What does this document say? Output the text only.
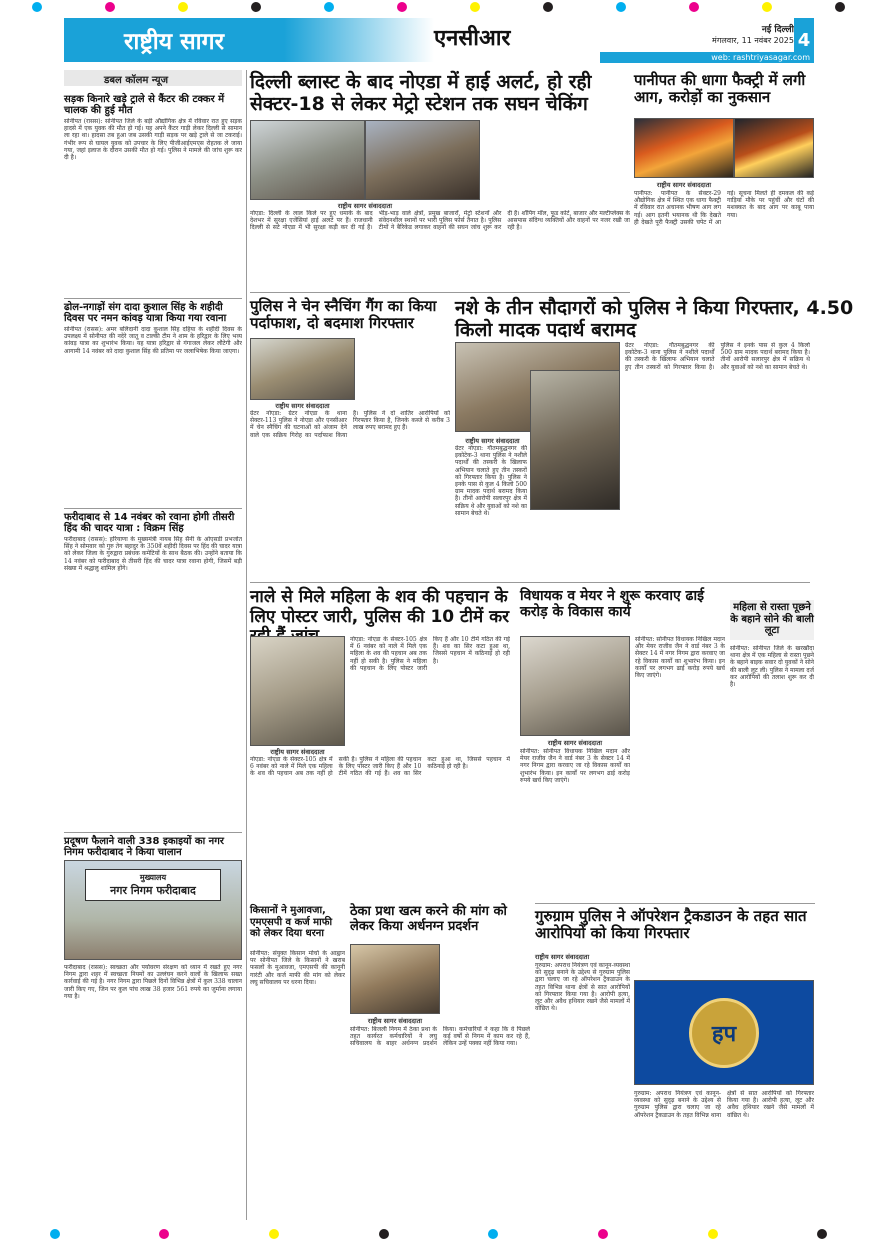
राष्ट्रीय सागर	एनसीआर	नई दिल्ली
मंगलवार, 11 नवंबर 2025 4
web: rashtriyasagar.com
डबल कॉलम न्यूज
सड़क किनारे खड़े ट्राले से कैंटर की टक्कर में चालक की हुई मौत
सोनीपत (रासस): सोनीपत जिले के बड़ी औद्योगिक क्षेत्र में रविवार रात हुए सड़क हादसे में एक युवक की मौत हो गई। यह अपने कैंटर गाड़ी लेकर दिल्ली से सामान ला रहा था। हादसा तब हुआ जब उसकी गाड़ी सड़क पर खड़े ट्राले से जा टकराई। गंभीर रूप से घायल युवक को उपचार के लिए पीजीआईएमएस रोहतक ले जाया गया, जहां इलाज के दौरान उसकी मौत हो गई। पुलिस ने मामले की जांच शुरू कर दी है।
ढोल-नगाड़ों संग दादा कुशाल सिंह के शहीदी दिवस पर नमन कांवड़ यात्रा किया गया रवाना
सोनीपत (रासस): अमर बलिदानी दादा कुशाल सिंह दहिया के शहीदी दिवस के उपलक्ष्य में सोनीपत की नदेरे जातू व टाल्की टीम ने शाम के हरिद्वार के लिए भव्य कांवड़ यात्रा का शुभारंभ किया। यह यात्रा हरिद्वार से गंगाजल लेकर लौटेगी और आगामी 14 नवंबर को दादा कुशाल सिंह की प्रतिमा पर जलाभिषेक किया जाएगा।
फरीदाबाद से 14 नवंबर को रवाना होगी तीसरी हिंद की चादर यात्रा : विक्रम सिंह
फरीदाबाद (रासस): हरियाणा के मुख्यमंत्री नायब सिंह सैनी के ओएसडी प्रभजोत सिंह ने सोमवार को गुरु तेग बहादुर के 350वें शहीदी दिवस पर हिंद की चादर यात्रा को लेकर जिला के गुरुद्वारा प्रबंधक कमेटियों के साथ बैठक की। उन्होंने बताया कि 14 नवंबर को फरीदाबाद से तीसरी हिंद की चादर यात्रा रवाना होगी, जिसमें बड़ी संख्या में श्रद्धालु शामिल होंगे।
प्रदूषण फैलाने वाली 338 इकाइयों का नगर निगम फरीदाबाद ने किया चालान
मुख्यालय
नगर निगम फरीदाबाद
फरीदाबाद (रासस): स्वच्छता और पर्यावरण संरक्षण को ध्यान में रखते हुए नगर निगम द्वारा शहर में स्वच्छता नियमों का उल्लंघन करने वालों के खिलाफ सख्त कार्रवाई की गई है। नगर निगम द्वारा पिछले दिनों विभिन्न क्षेत्रों में कुल 338 चालान जारी किए गए, जिन पर कुल पांच लाख 38 हजार 561 रुपये का जुर्माना लगाया गया है।
दिल्ली ब्लास्ट के बाद नोएडा में हाई अलर्ट, हो रही सेक्टर-18 से लेकर मेट्रो स्टेशन तक सघन चेकिंग
राष्ट्रीय सागर संवाददाता
नोएडा: दिल्ली के लाल किले पर हुए धमाके के बाद देशभर में सुरक्षा एजेंसियां हाई अलर्ट पर हैं। राजधानी दिल्ली से सटे नोएडा में भी सुरक्षा कड़ी कर दी गई है। भीड़-भाड़ वाले क्षेत्रों, प्रमुख बाजारों, मेट्रो स्टेशनों और संवेदनशील स्थानों पर भारी पुलिस फोर्स तैनात है। पुलिस टीमों ने बैरिकेड लगाकर वाहनों की सघन जांच शुरू कर दी है। शॉपिंग मॉल, फूड कोर्ट, बाजार और मल्टीप्लेक्स के आसपास संदिग्ध व्यक्तियों और वाहनों पर नजर रखी जा रही है।
पुलिस ने चेन स्नैचिंग गैंग का किया पर्दाफाश, दो बदमाश गिरफ्तार
राष्ट्रीय सागर संवाददाता
ग्रेटर नोएडा: ग्रेटर नोएडा के थाना सेक्टर-113 पुलिस ने नोएडा और एनसीआर में चेन स्नैचिंग की घटनाओं को अंजाम देने वाले एक सक्रिय गिरोह का पर्दाफाश किया है। पुलिस ने दो शातिर आरोपियों को गिरफ्तार किया है, जिनके कब्जे से करीब 3 लाख रुपए बरामद हुए हैं।
नशे के तीन सौदागरों को पुलिस ने किया गिरफ्तार, 4.50 किलो मादक पदार्थ बरामद
राष्ट्रीय सागर संवाददाता
ग्रेटर नोएडा: गौतमबुद्धनगर की इकोटेक-3 थाना पुलिस ने नशीले पदार्थों की तस्करी के खिलाफ अभियान चलाते हुए तीन तस्करों को गिरफ्तार किया है। पुलिस ने इनके पास से कुल 4 किलो 500 ग्राम मादक पदार्थ बरामद किया है। तीनों आरोपी सलारपुर क्षेत्र में सक्रिय थे और युवाओं को नशे का सामान बेचते थे।
ग्रेटर नोएडा: गौतमबुद्धनगर की इकोटेक-3 थाना पुलिस ने नशीले पदार्थों की तस्करी के खिलाफ अभियान चलाते हुए तीन तस्करों को गिरफ्तार किया है। पुलिस ने इनके पास से कुल 4 किलो 500 ग्राम मादक पदार्थ बरामद किया है। तीनों आरोपी सलारपुर क्षेत्र में सक्रिय थे और युवाओं को नशे का सामान बेचते थे।
नाले से मिले महिला के शव की पहचान के लिए पोस्टर जारी, पुलिस की 10 टीमें कर
राष्ट्रीय सागर संवाददाता
नोएडा: नोएडा के सेक्टर-105 क्षेत्र में 6 नवंबर को नाले में मिले एक महिला के शव की पहचान अब तक नहीं हो सकी है। पुलिस ने महिला की पहचान के लिए पोस्टर जारी किए हैं और 10 टीमें गठित की गई हैं। शव का सिर कटा हुआ था, जिससे पहचान में कठिनाई हो रही है।
नोएडा: नोएडा के सेक्टर-105 क्षेत्र में 6 नवंबर को नाले में मिले एक महिला के शव की पहचान अब तक नहीं हो सकी है। पुलिस ने महिला की पहचान के लिए पोस्टर जारी किए हैं और 10 टीमें गठित की गई हैं। शव का सिर कटा हुआ था, जिससे पहचान में कठिनाई हो रही है।
किसानों ने मुआवजा, एमएसपी व कर्ज माफी को लेकर दिया धरना
सोनीपत: संयुक्त किसान मोर्चा के आह्वान पर सोनीपत जिले के किसानों ने खराब फसलों के मुआवजा, एमएसपी की कानूनी गारंटी और कर्ज माफी की मांग को लेकर लघु सचिवालय पर धरना दिया।
ठेका प्रथा खत्म करने की मांग को लेकर किया अर्धनग्न प्रदर्शन
राष्ट्रीय सागर संवाददाता
सोनीपत: बिजली निगम में ठेका प्रथा के तहत कार्यरत कर्मचारियों ने लघु सचिवालय के बाहर अर्धनग्न प्रदर्शन किया। कर्मचारियों ने कहा कि वे पिछले कई वर्षों से निगम में काम कर रहे हैं, लेकिन उन्हें पक्का नहीं किया गया।
पानीपत की धागा फैक्ट्री में लगी आग, करोड़ों का नुकसान
राष्ट्रीय सागर संवाददाता
पानीपत: पानीपत के सेक्टर-29 औद्योगिक क्षेत्र में स्थित एक धागा फैक्ट्री में रविवार रात अचानक भीषण आग लग गई। आग इतनी भयानक थी कि देखते ही देखते पूरी फैक्ट्री उसकी चपेट में आ गई। सूचना मिलते ही दमकल की कई गाड़ियां मौके पर पहुंचीं और घंटों की मशक्कत के बाद आग पर काबू पाया गया।
विधायक व मेयर ने शुरू करवाए ढाई करोड़ के विकास कार्य
राष्ट्रीय सागर संवाददाता
सोनीपत: सोनीपत विधायक निखिल मदान और मेयर राजीव जैन ने वार्ड नंबर 3 के सेक्टर 14 में नगर निगम द्वारा करवाए जा रहे विकास कार्यों का शुभारंभ किया। इन कार्यों पर लगभग ढाई करोड़ रुपये खर्च किए जाएंगे।
सोनीपत: सोनीपत विधायक निखिल मदान और मेयर राजीव जैन ने वार्ड नंबर 3 के सेक्टर 14 में नगर निगम द्वारा करवाए जा रहे विकास कार्यों का शुभारंभ किया। इन कार्यों पर लगभग ढाई करोड़ रुपये खर्च किए जाएंगे।
महिला से रास्ता पूछने के बहाने सोने की बाली लूटा
सोनीपत: सोनीपत जिले के खरखौदा थाना क्षेत्र में एक महिला से रास्ता पूछने के बहाने बाइक सवार दो युवकों ने सोने की बाली लूट ली। पुलिस ने मामला दर्ज कर आरोपियों की तलाश शुरू कर दी है।
गुरुग्राम पुलिस ने ऑपरेशन ट्रैकडाउन के तहत सात आरोपियों को किया गिरफ्तार
राष्ट्रीय सागर संवाददाता
गुरुग्राम: अपराध नियंत्रण एवं कानून-व्यवस्था को सुदृढ़ बनाने के उद्देश्य से गुरुग्राम पुलिस द्वारा चलाए जा रहे ऑपरेशन ट्रैकडाउन के तहत विभिन्न थाना क्षेत्रों से सात आरोपियों को गिरफ्तार किया गया है। आरोपी हत्या, लूट और अवैध हथियार रखने जैसे मामलों में वांछित थे।
हप
गुरुग्राम: अपराध नियंत्रण एवं कानून-व्यवस्था को सुदृढ़ बनाने के उद्देश्य से गुरुग्राम पुलिस द्वारा चलाए जा रहे ऑपरेशन ट्रैकडाउन के तहत विभिन्न थाना क्षेत्रों से सात आरोपियों को गिरफ्तार किया गया है। आरोपी हत्या, लूट और अवैध हथियार रखने जैसे मामलों में वांछित थे।
